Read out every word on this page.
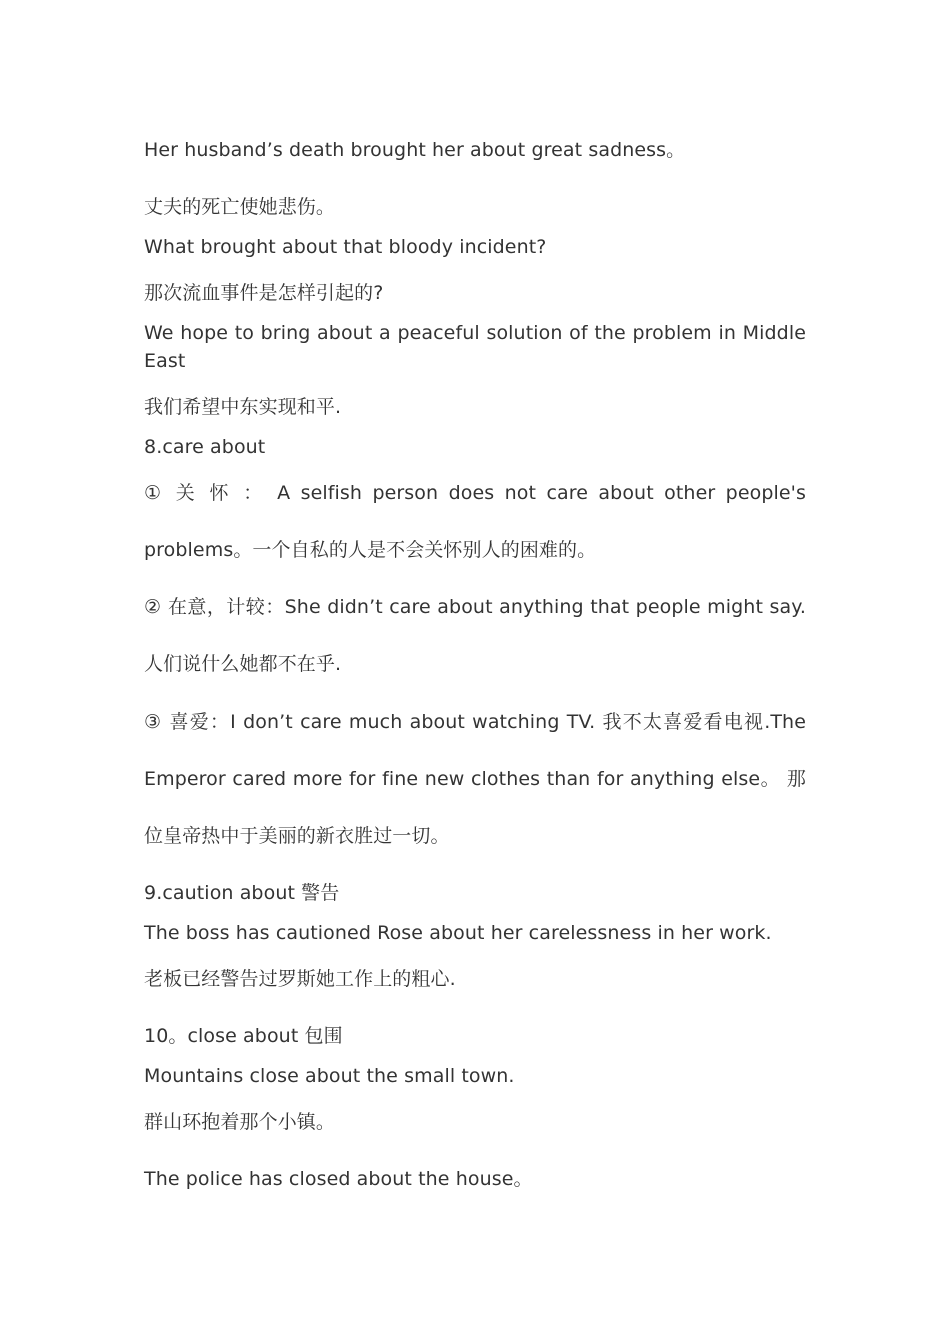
Her husband’s death brought her about great sadness。
丈夫的死亡使她悲伤。
What brought about that bloody incident?
那次流血事件是怎样引起的?
We hope to bring about a peaceful solution of the problem in Middle East
我们希望中东实现和平.
8.care about
① 关 怀 ： A selfish person does not care about other people's
problems。一个自私的人是不会关怀别人的困难的。
② 在意，计较：She didn’t care about anything that people might say.
人们说什么她都不在乎.
③ 喜爱：I don’t care much about watching TV. 我不太喜爱看电视.The
Emperor cared more for fine new clothes than for anything else。 那
位皇帝热中于美丽的新衣胜过一切。
9.caution about 警告
The boss has cautioned Rose about her carelessness in her work.
老板已经警告过罗斯她工作上的粗心.
10。close about 包围
Mountains close about the small town.
群山环抱着那个小镇。
The police has closed about the house。
